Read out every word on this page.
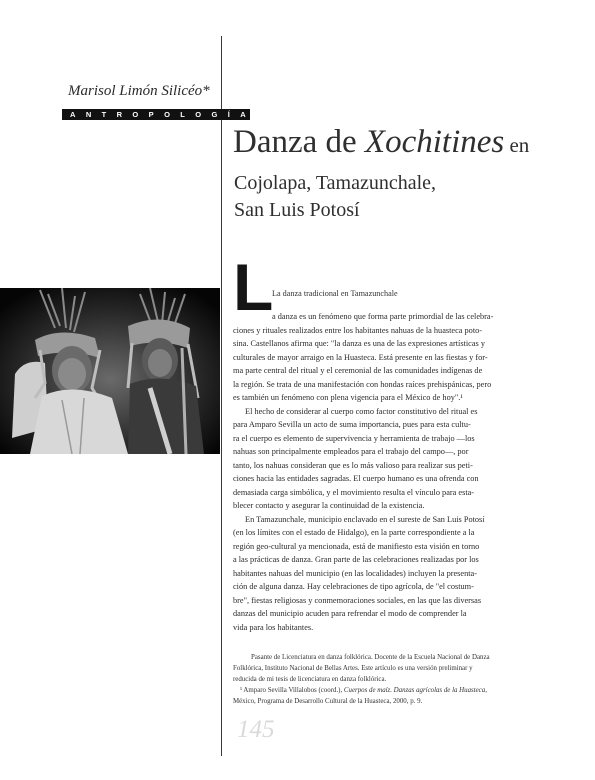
Marisol Limón Silicéo*
ANTROPOLOGÍA
Danza de Xochitines en
Cojolapa, Tamazunchale,
San Luis Potosí
L
La danza tradicional en Tamazunchale
a danza es un fenómeno que forma parte primordial de las celebra-
ciones y rituales realizados entre los habitantes nahuas de la huasteca poto-
sina. Castellanos afirma que: "la danza es una de las expresiones artísticas y
culturales de mayor arraigo en la Huasteca. Está presente en las fiestas y for-
ma parte central del ritual y el ceremonial de las comunidades indígenas de
la región. Se trata de una manifestación con hondas raíces prehispánicas, pero
es también un fenómeno con plena vigencia para el México de hoy".¹
El hecho de considerar al cuerpo como factor constitutivo del ritual es
para Amparo Sevilla un acto de suma importancia, pues para esta cultu-
ra el cuerpo es elemento de supervivencia y herramienta de trabajo —los
nahuas son principalmente empleados para el trabajo del campo—, por
tanto, los nahuas consideran que es lo más valioso para realizar sus peti-
ciones hacia las entidades sagradas. El cuerpo humano es una ofrenda con
demasiada carga simbólica, y el movimiento resulta el vínculo para esta-
blecer contacto y asegurar la continuidad de la existencia.
En Tamazunchale, municipio enclavado en el sureste de San Luis Potosí
(en los límites con el estado de Hidalgo), en la parte correspondiente a la
región geo-cultural ya mencionada, está de manifiesto esta visión en torno
a las prácticas de danza. Gran parte de las celebraciones realizadas por los
habitantes nahuas del municipio (en las localidades) incluyen la presenta-
ción de alguna danza. Hay celebraciones de tipo agrícola, de "el costum-
bre", fiestas religiosas y conmemoraciones sociales, en las que las diversas
danzas del municipio acuden para refrendar el modo de comprender la
vida para los habitantes.
Pasante de Licenciatura en danza folklórica. Docente de la Escuela Nacional de Danza
Folklórica, Instituto Nacional de Bellas Artes. Este artículo es una versión preliminar y
reducida de mi tesis de licenciatura en danza folklórica.
¹ Amparo Sevilla Villalobos (coord.), Cuerpos de maíz. Danzas agrícolas de la Huasteca,
México, Programa de Desarrollo Cultural de la Huasteca, 2000, p. 9.
145
